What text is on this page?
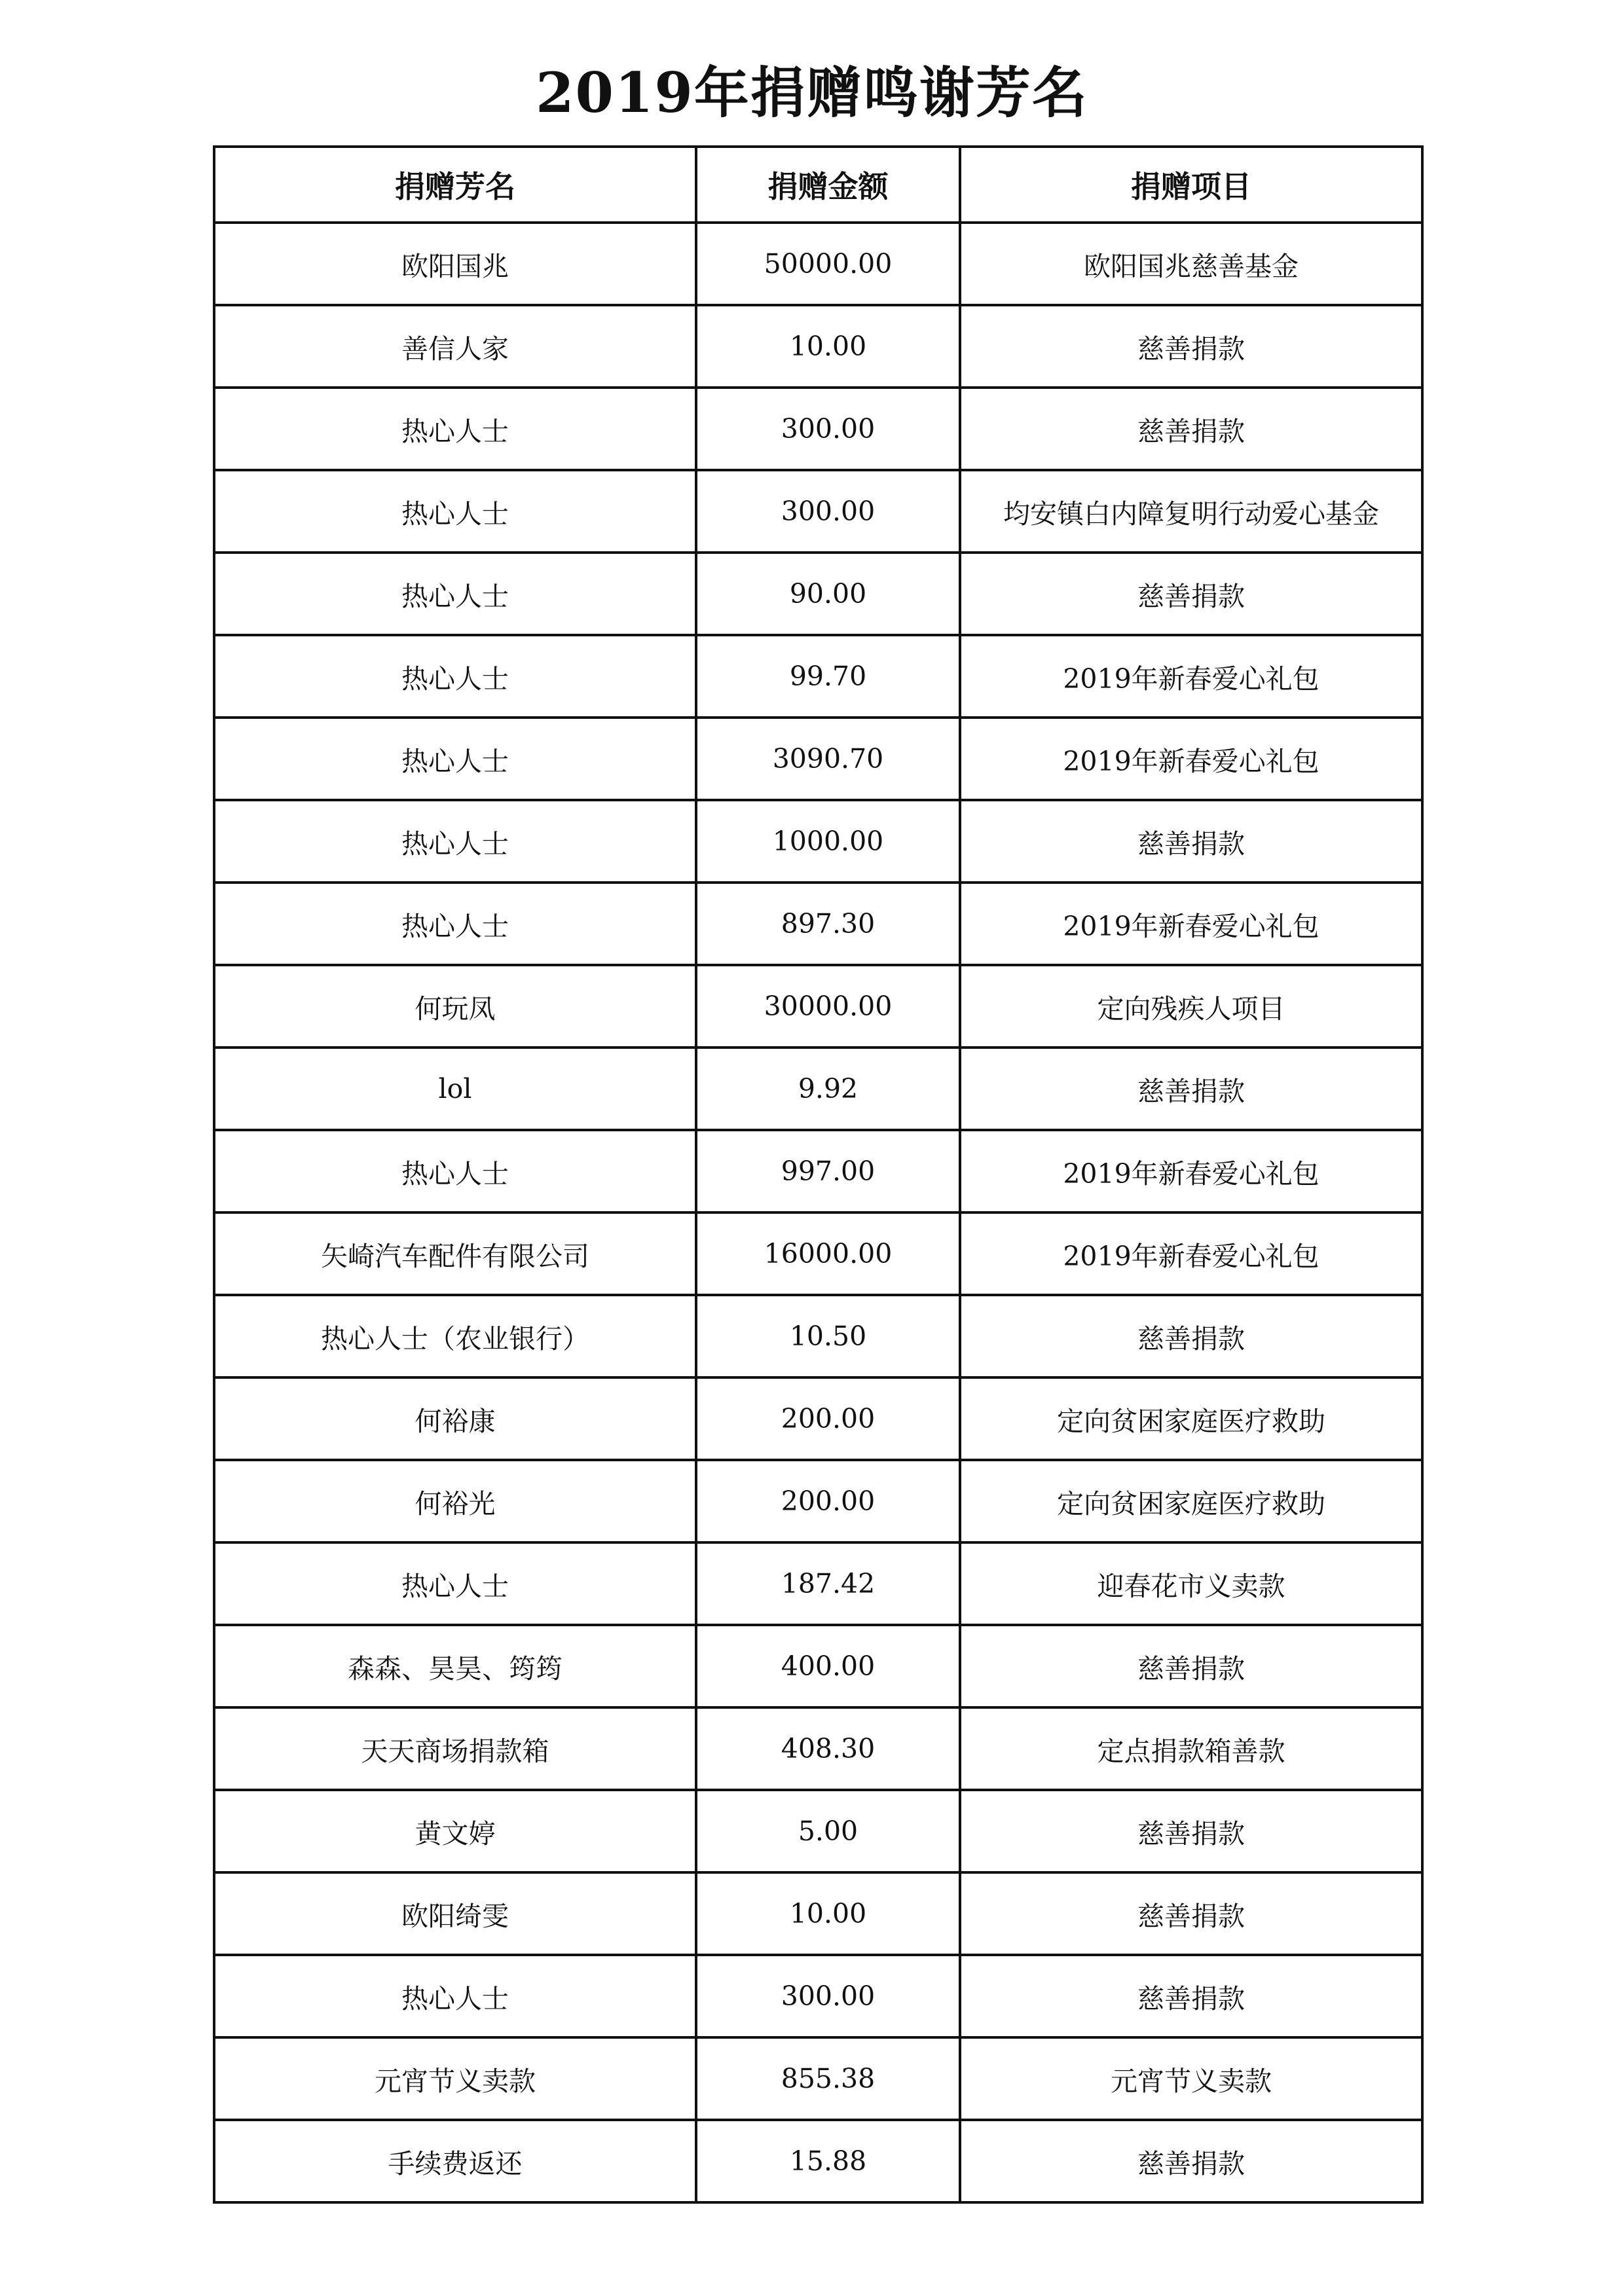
2019年捐赠鸣谢芳名
捐赠芳名	捐赠金额	捐赠项目
欧阳国兆	50000.00	欧阳国兆慈善基金
善信人家	10.00	慈善捐款
热心人士	300.00	慈善捐款
热心人士	300.00	均安镇白内障复明行动爱心基金
热心人士	90.00	慈善捐款
热心人士	99.70	2019年新春爱心礼包
热心人士	3090.70	2019年新春爱心礼包
热心人士	1000.00	慈善捐款
热心人士	897.30	2019年新春爱心礼包
何玩凤	30000.00	定向残疾人项目
lol	9.92	慈善捐款
热心人士	997.00	2019年新春爱心礼包
矢崎汽车配件有限公司	16000.00	2019年新春爱心礼包
热心人士（农业银行）	10.50	慈善捐款
何裕康	200.00	定向贫困家庭医疗救助
何裕光	200.00	定向贫困家庭医疗救助
热心人士	187.42	迎春花市义卖款
森森、昊昊、筠筠	400.00	慈善捐款
天天商场捐款箱	408.30	定点捐款箱善款
黄文婷	5.00	慈善捐款
欧阳绮雯	10.00	慈善捐款
热心人士	300.00	慈善捐款
元宵节义卖款	855.38	元宵节义卖款
手续费返还	15.88	慈善捐款
